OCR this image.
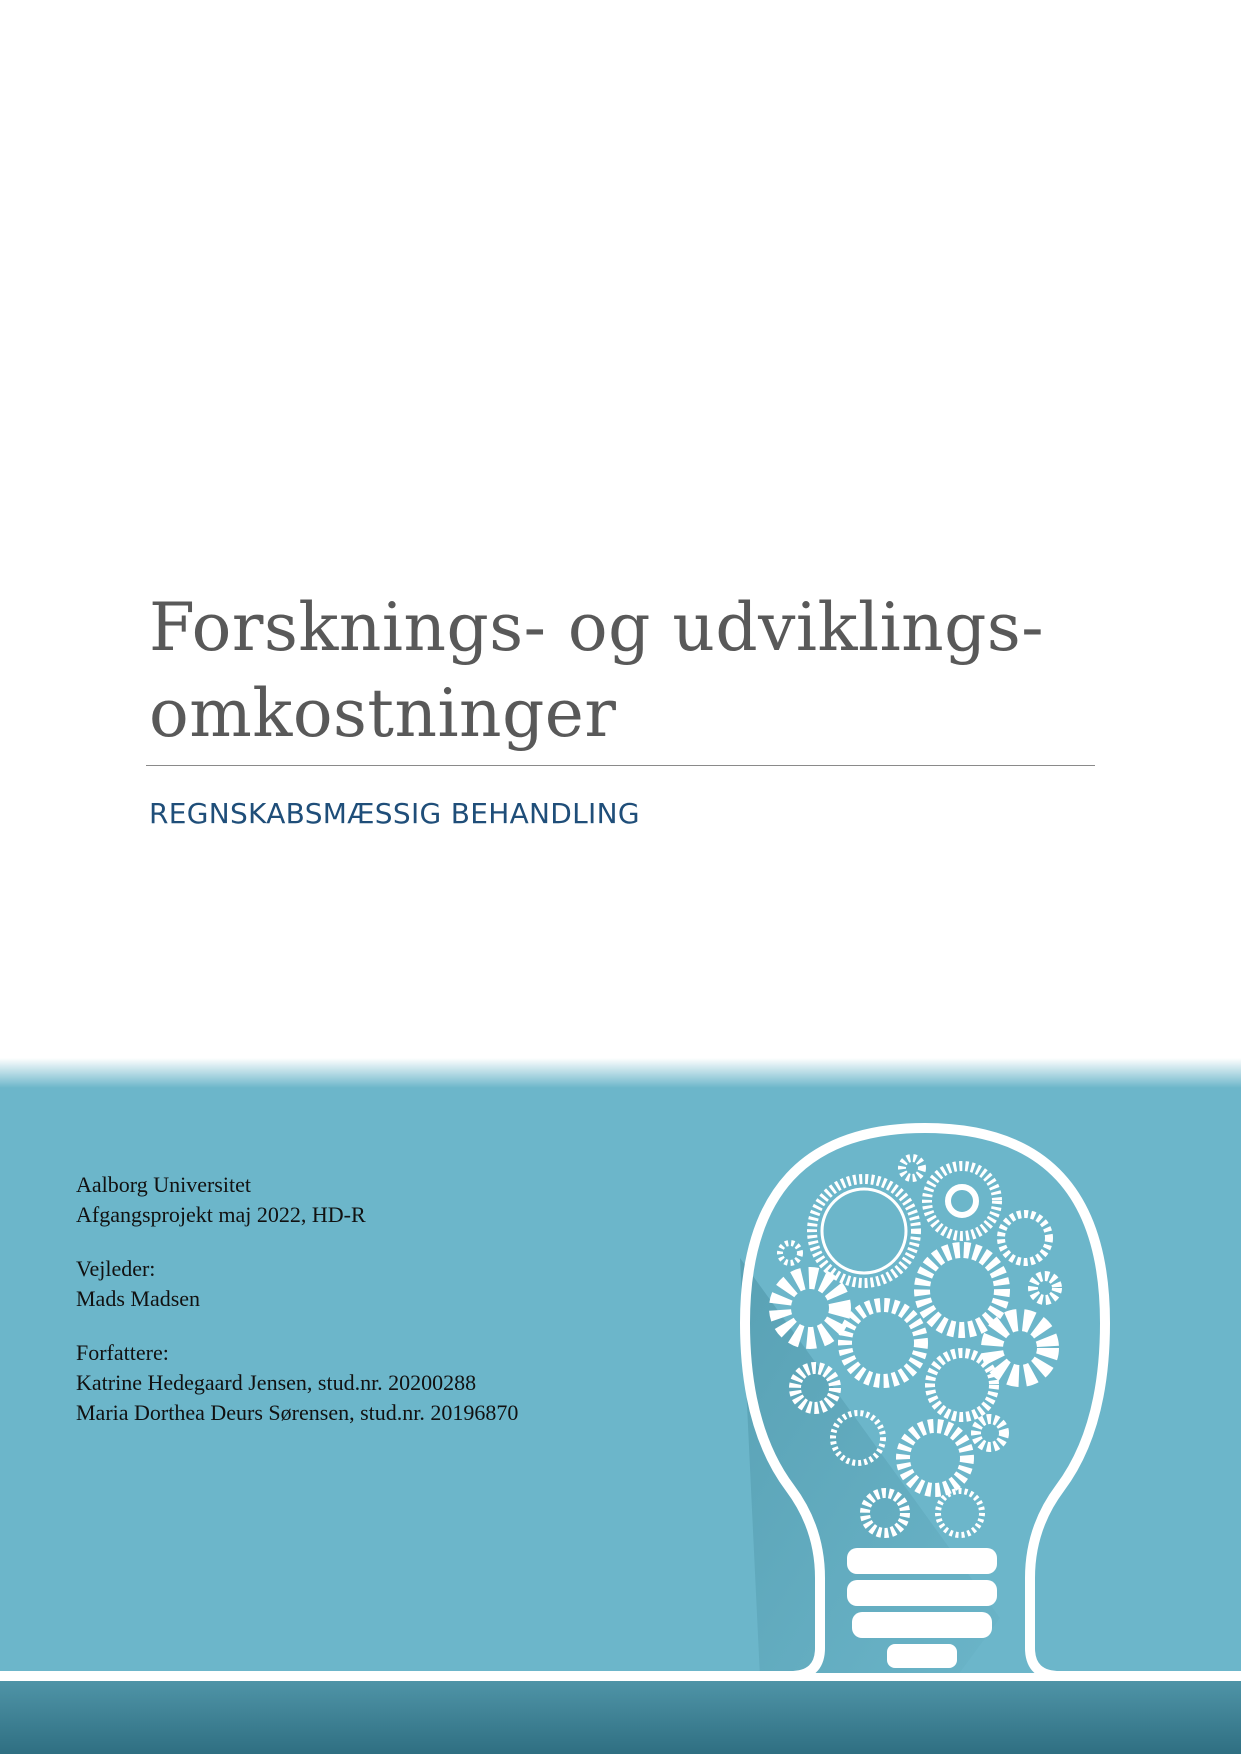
Forsknings- og udviklings-
omkostninger
REGNSKABSMÆSSIG BEHANDLING

Aalborg Universitet
Afgangsprojekt maj 2022, HD-R

Vejleder:
Mads Madsen

Forfattere:
Katrine Hedegaard Jensen, stud.nr. 20200288
Maria Dorthea Deurs Sørensen, stud.nr. 20196870
